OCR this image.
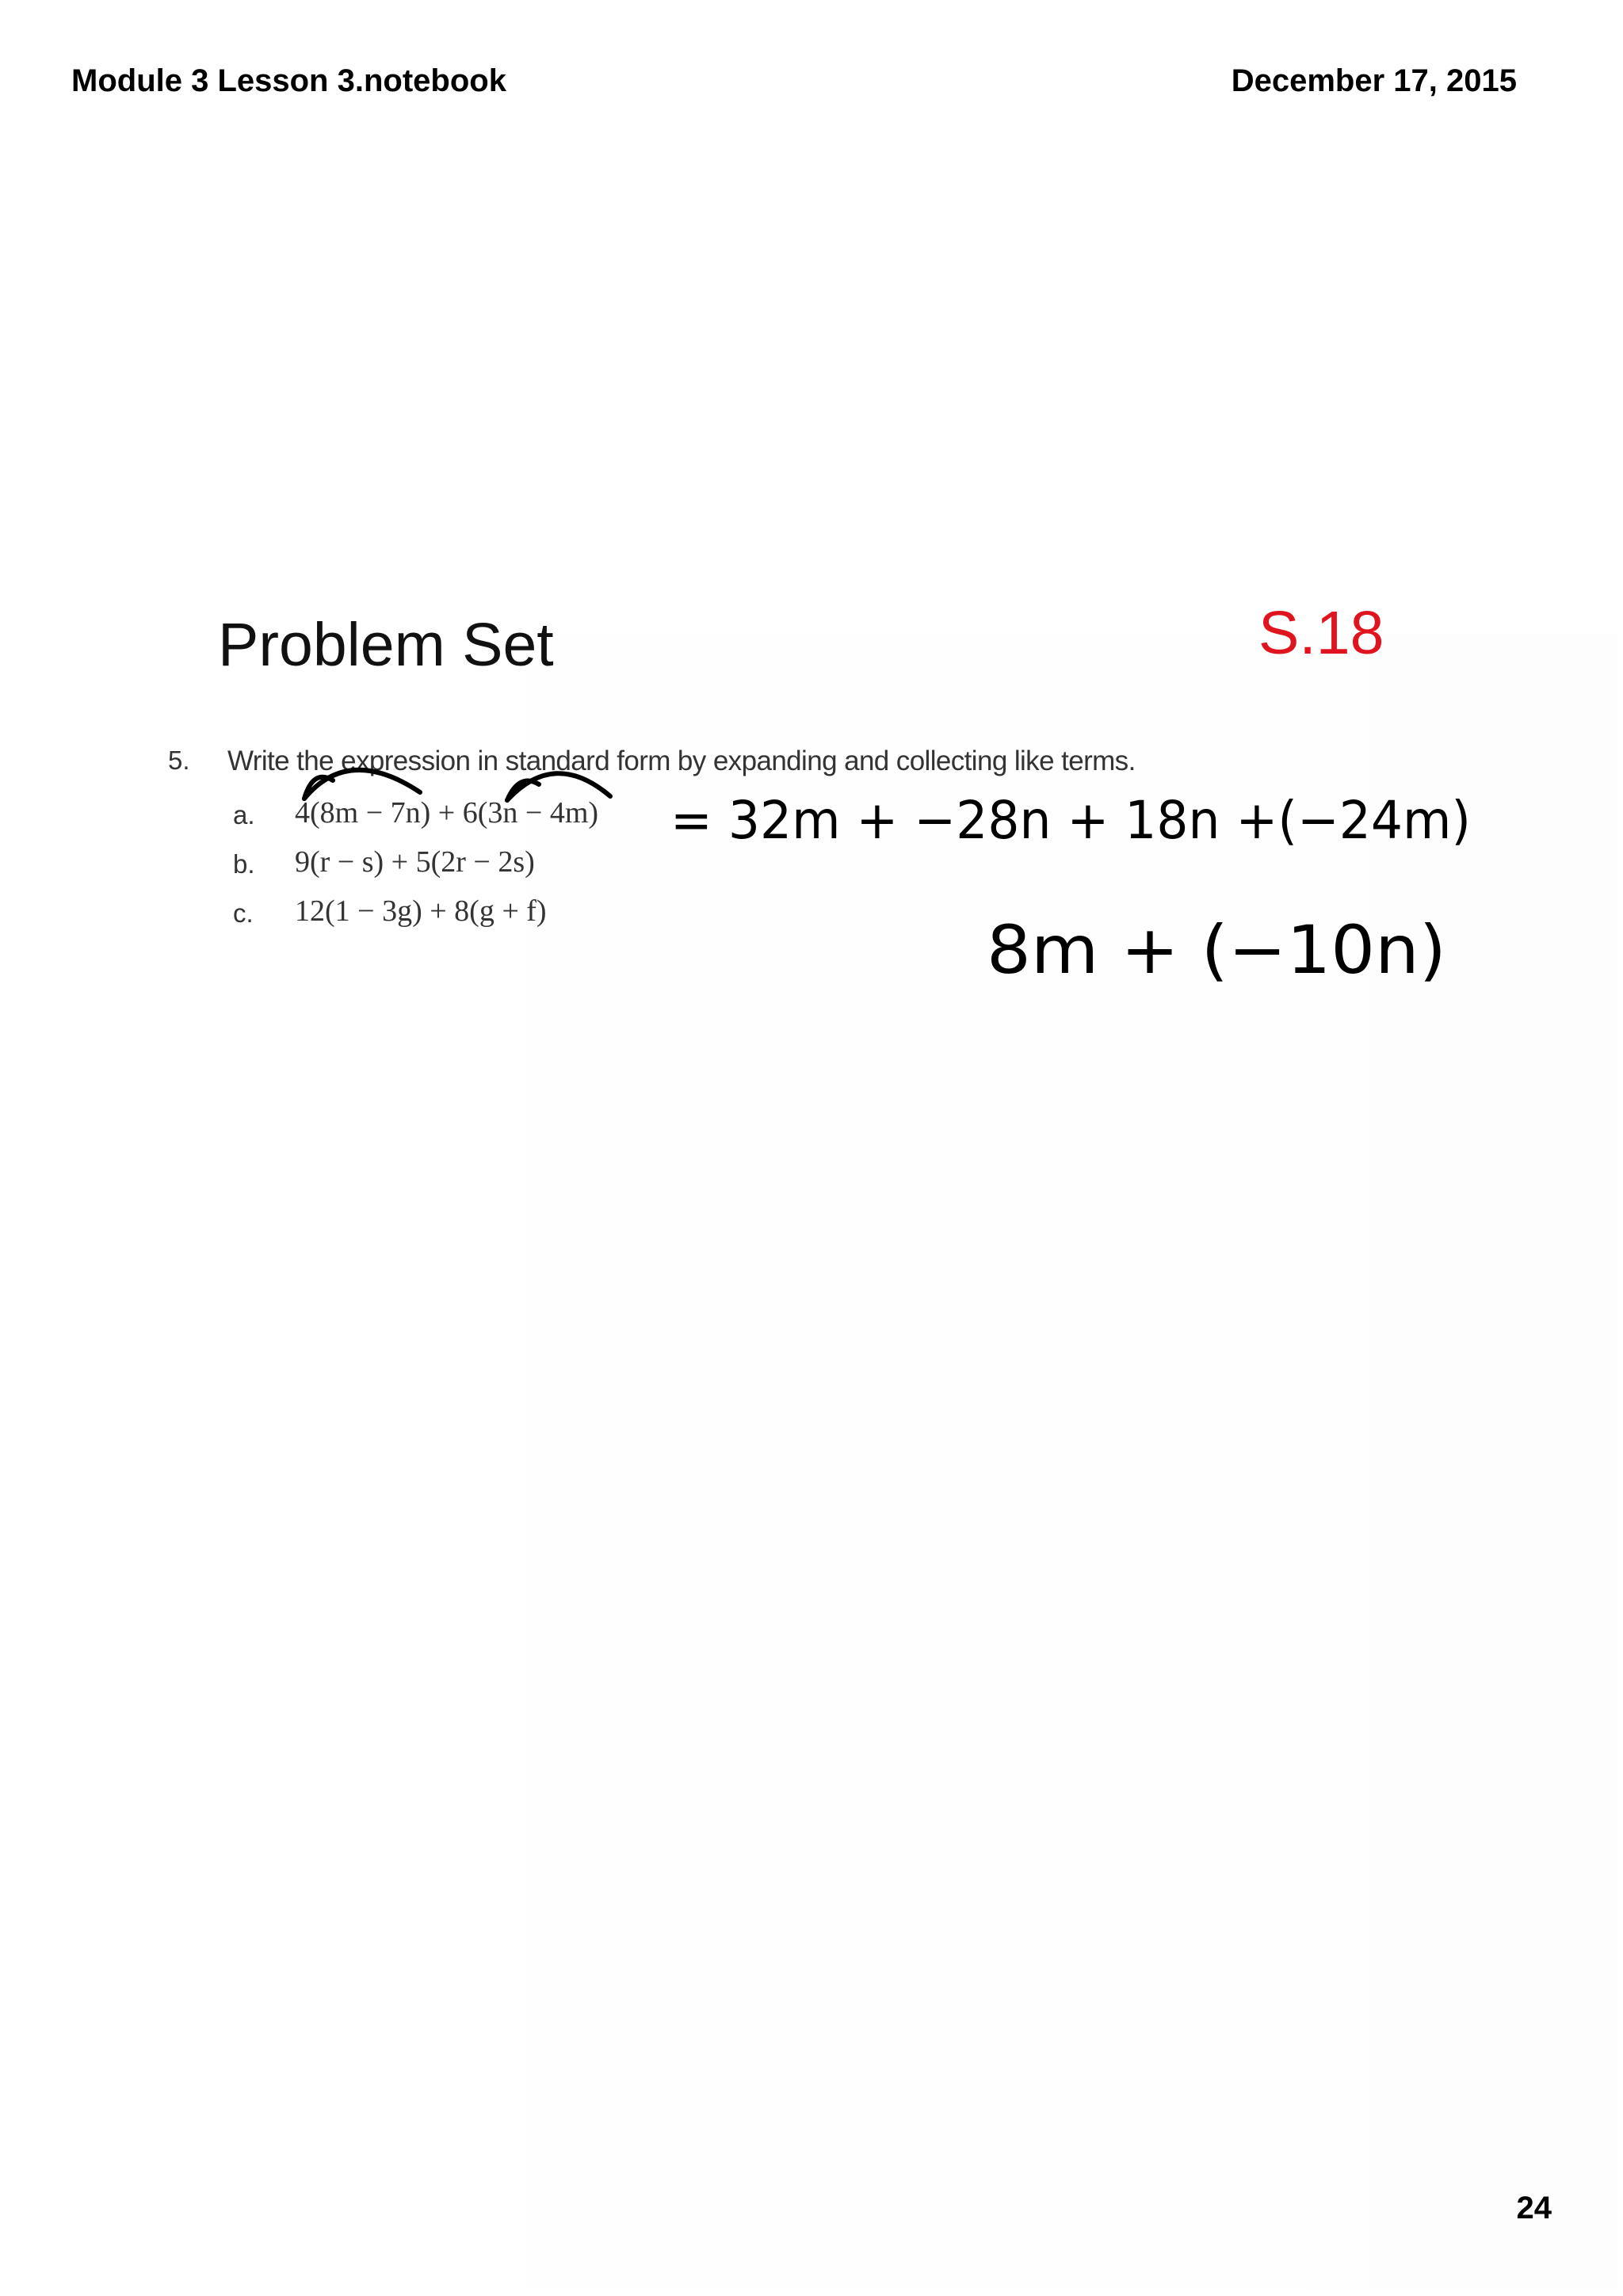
Module 3 Lesson 3.notebook	December 17, 2015
Problem Set	S.18
5. Write the expression in standard form by expanding and collecting like terms.
a. 4(8m − 7n) + 6(3n − 4m)
b. 9(r − s) + 5(2r − 2s)
c. 12(1 − 3g) + 8(g + f)
= 32m + −28n + 18n +(−24m)
8m + (−10n)
24
